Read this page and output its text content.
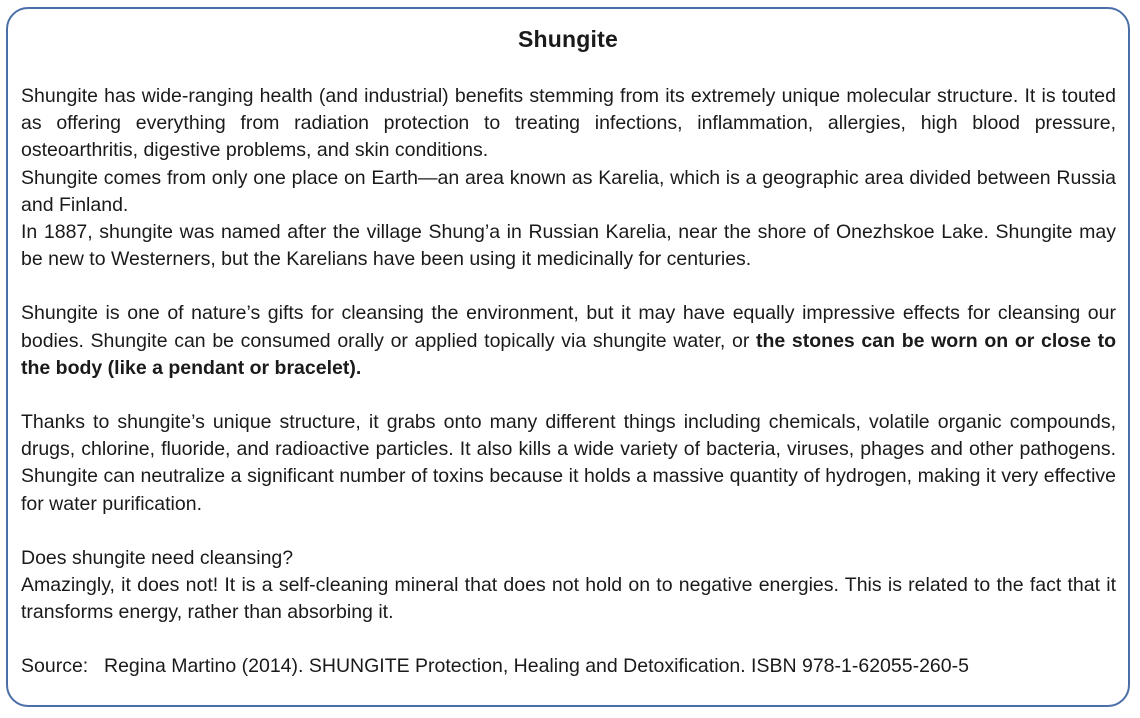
Shungite

Shungite has wide-ranging health (and industrial) benefits stemming from its extremely unique molecular structure. It is touted as offering everything from radiation protection to treating infections, inflammation, allergies, high blood pressure, osteoarthritis, digestive problems, and skin conditions.

Shungite comes from only one place on Earth—an area known as Karelia, which is a geographic area divided between Russia and Finland.

In 1887, shungite was named after the village Shung’a in Russian Karelia, near the shore of Onezhskoe Lake. Shungite may be new to Westerners, but the Karelians have been using it medicinally for centuries.

Shungite is one of nature’s gifts for cleansing the environment, but it may have equally impressive effects for cleansing our bodies. Shungite can be consumed orally or applied topically via shungite water, or the stones can be worn on or close to the body (like a pendant or bracelet).

Thanks to shungite’s unique structure, it grabs onto many different things including chemicals, volatile organic compounds, drugs, chlorine, fluoride, and radioactive particles. It also kills a wide variety of bacteria, viruses, phages and other pathogens. Shungite can neutralize a significant number of toxins because it holds a massive quantity of hydrogen, making it very effective for water purification.

Does shungite need cleansing?

Amazingly, it does not! It is a self-cleaning mineral that does not hold on to negative energies. This is related to the fact that it transforms energy, rather than absorbing it.

Source: Regina Martino (2014). SHUNGITE Protection, Healing and Detoxification. ISBN 978-1-62055-260-5
